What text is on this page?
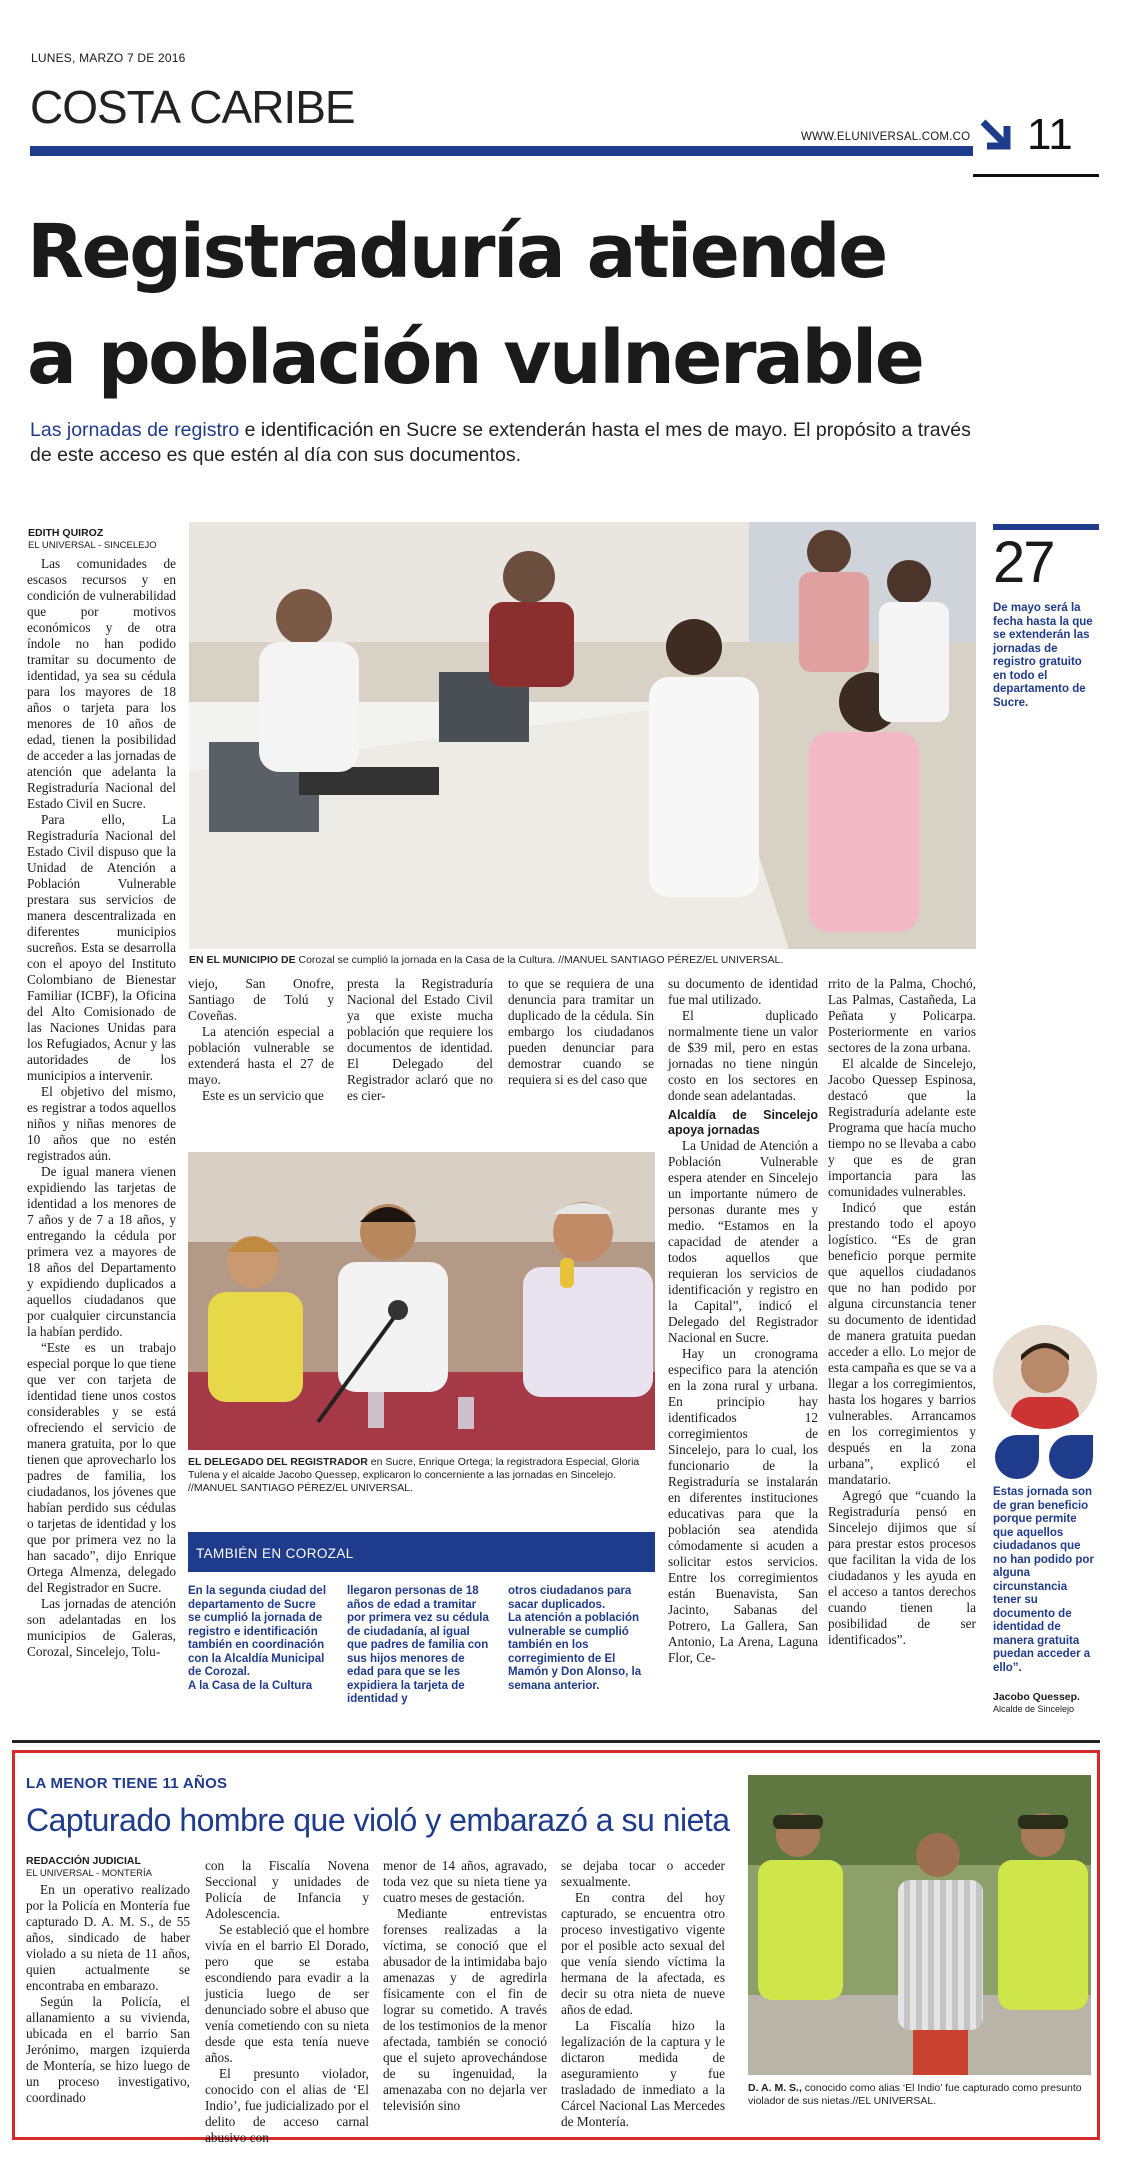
LUNES, MARZO 7 DE 2016
COSTA CARIBE
WWW.ELUNIVERSAL.COM.CO 11
Registraduría atiende
a población vulnerable
Las jornadas de registro e identificación en Sucre se extenderán hasta el mes de mayo. El propósito a través de este acceso es que estén al día con sus documentos.
EDITH QUIROZ
EL UNIVERSAL - SINCELEJO

Las comunidades de escasos recursos y en condición de vulnerabilidad que por motivos económicos y de otra índole no han podido tramitar su documento de identidad, ya sea su cédula para los mayores de 18 años o tarjeta para los menores de 10 años de edad, tienen la posibilidad de acceder a las jornadas de atención que adelanta la Registraduría Nacional del Estado Civil en Sucre.

Para ello, La Registraduría Nacional del Estado Civil dispuso que la Unidad de Atención a Población Vulnerable prestara sus servicios de manera descentralizada en diferentes municipios sucreños. Esta se desarrolla con el apoyo del Instituto Colombiano de Bienestar Familiar (ICBF), la Oficina del Alto Comisionado de las Naciones Unidas para los Refugiados, Acnur y las autoridades de los municipios a intervenir.

El objetivo del mismo, es registrar a todos aquellos niños y niñas menores de 10 años que no estén registrados aún.

De igual manera vienen expidiendo las tarjetas de identidad a los menores de 7 años y de 7 a 18 años, y entregando la cédula por primera vez a mayores de 18 años del Departamento y expidiendo duplicados a aquellos ciudadanos que por cualquier circunstancia la habían perdido.

“Este es un trabajo especial porque lo que tiene que ver con tarjeta de identidad tiene unos costos considerables y se está ofreciendo el servicio de manera gratuita, por lo que tienen que aprovecharlo los padres de familia, los ciudadanos, los jóvenes que habían perdido sus cédulas o tarjetas de identidad y los que por primera vez no la han sacado”, dijo Enrique Ortega Almenza, delegado del Registrador en Sucre.

Las jornadas de atención son adelantadas en los municipios de Galeras, Corozal, Sincelejo, Tolu-

EN EL MUNICIPIO DE Corozal se cumplió la jornada en la Casa de la Cultura. //MANUEL SANTIAGO PÉREZ/EL UNIVERSAL.
27
De mayo será la fecha hasta la que se extenderán las jornadas de registro gratuito en todo el departamento de Sucre.
Estas jornada son de gran beneficio porque permite que aquellos ciudadanos que no han podido por alguna circunstancia tener su documento de identidad de manera gratuita puedan acceder a ello”.
Jacobo Quessep.
Alcalde de Sincelejo

viejo, San Onofre, Santiago de Tolú y Coveñas.

La atención especial a población vulnerable se extenderá hasta el 27 de mayo.

Este es un servicio que

presta la Registraduría Nacional del Estado Civil ya que existe mucha población que requiere los documentos de identidad. El Delegado del Registrador aclaró que no es cier-

to que se requiera de una denuncia para tramitar un duplicado de la cédula. Sin embargo los ciudadanos pueden denunciar para demostrar cuando se requiera si es del caso que

EL DELEGADO DEL REGISTRADOR en Sucre, Enrique Ortega; la registradora Especial, Gloria Tulena y el alcalde Jacobo Quessep, explicaron lo concerniente a las jornadas en Sincelejo. //MANUEL SANTIAGO PÉREZ/EL UNIVERSAL.
TAMBIÉN EN COROZAL

En la segunda ciudad del departamento de Sucre se cumplió la jornada de registro e identificación también en coordinación con la Alcaldía Municipal de Corozal.

A la Casa de la Cultura

llegaron personas de 18 años de edad a tramitar por primera vez su cédula de ciudadanía, al igual que padres de familia con sus hijos menores de edad para que se les expidiera la tarjeta de identidad y

otros ciudadanos para sacar duplicados.

La atención a población vulnerable se cumplió también en los corregimiento de El Mamón y Don Alonso, la semana anterior.

su documento de identidad fue mal utilizado.

El duplicado normalmente tiene un valor de $39 mil, pero en estas jornadas no tiene ningún costo en los sectores en donde sean adelantadas.

Alcaldía de Sincelejo apoya jornadas

La Unidad de Atención a Población Vulnerable espera atender en Sincelejo un importante número de personas durante mes y medio. “Estamos en la capacidad de atender a todos aquellos que requieran los servicios de identificación y registro en la Capital”, indicó el Delegado del Registrador Nacional en Sucre.

Hay un cronograma especifico para la atención en la zona rural y urbana. En principio hay identificados 12 corregimientos de Sincelejo, para lo cual, los funcionario de la Registraduría se instalarán en diferentes instituciones educativas para que la población sea atendida cómodamente si acuden a solicitar estos servicios. Entre los corregimientos están Buenavista, San Jacinto, Sabanas del Potrero, La Gallera, San Antonio, La Arena, Laguna Flor, Ce-

rrito de la Palma, Chochó, Las Palmas, Castañeda, La Peñata y Policarpa. Posteriormente en varios sectores de la zona urbana.

El alcalde de Sincelejo, Jacobo Quessep Espinosa, destacó que la Registraduría adelante este Programa que hacía mucho tiempo no se llevaba a cabo y que es de gran importancia para las comunidades vulnerables.

Indicó que están prestando todo el apoyo logístico. “Es de gran beneficio porque permite que aquellos ciudadanos que no han podido por alguna circunstancia tener su documento de identidad de manera gratuita puedan acceder a ello. Lo mejor de esta campaña es que se va a llegar a los corregimientos, hasta los hogares y barrios vulnerables. Arrancamos en los corregimientos y después en la zona urbana”, explicó el mandatario.

Agregó que “cuando la Registraduría pensó en Sincelejo dijimos que sí para prestar estos procesos que facilitan la vida de los ciudadanos y les ayuda en el acceso a tantos derechos cuando tienen la posibilidad de ser identificados”.

LA MENOR TIENE 11 AÑOS
Capturado hombre que violó y embarazó a su nieta
REDACCIÓN JUDICIAL
EL UNIVERSAL - MONTERÍA

En un operativo realizado por la Policía en Montería fue capturado D. A. M. S., de 55 años, sindicado de haber violado a su nieta de 11 años, quien actualmente se encontraba en embarazo.

Según la Policía, el allanamiento a su vivienda, ubicada en el barrio San Jerónimo, margen izquierda de Montería, se hizo luego de un proceso investigativo, coordinado

con la Fiscalía Novena Seccional y unidades de Policía de Infancia y Adolescencia.

Se estableció que el hombre vivía en el barrio El Dorado, pero que se estaba escondiendo para evadir a la justicia luego de ser denunciado sobre el abuso que venía cometiendo con su nieta desde que esta tenía nueve años.

El presunto violador, conocido con el alias de ‘El Indio’, fue judicializado por el delito de acceso carnal abusivo con

menor de 14 años, agravado, toda vez que su nieta tiene ya cuatro meses de gestación.

Mediante entrevistas forenses realizadas a la víctima, se conoció que el abusador de la intimidaba bajo amenazas y de agredirla físicamente con el fin de lograr su cometido. A través de los testimonios de la menor afectada, también se conoció que el sujeto aprovechándose de su ingenuidad, la amenazaba con no dejarla ver televisión sino

se dejaba tocar o acceder sexualmente.

En contra del hoy capturado, se encuentra otro proceso investigativo vigente por el posible acto sexual del que venía siendo víctima la hermana de la afectada, es decir su otra nieta de nueve años de edad.

La Fiscalía hizo la legalización de la captura y le dictaron medida de aseguramiento y fue trasladado de inmediato a la Cárcel Nacional Las Mercedes de Montería.

D. A. M. S., conocido como alias ‘El Indio’ fue capturado como presunto violador de sus nietas.//EL UNIVERSAL.
